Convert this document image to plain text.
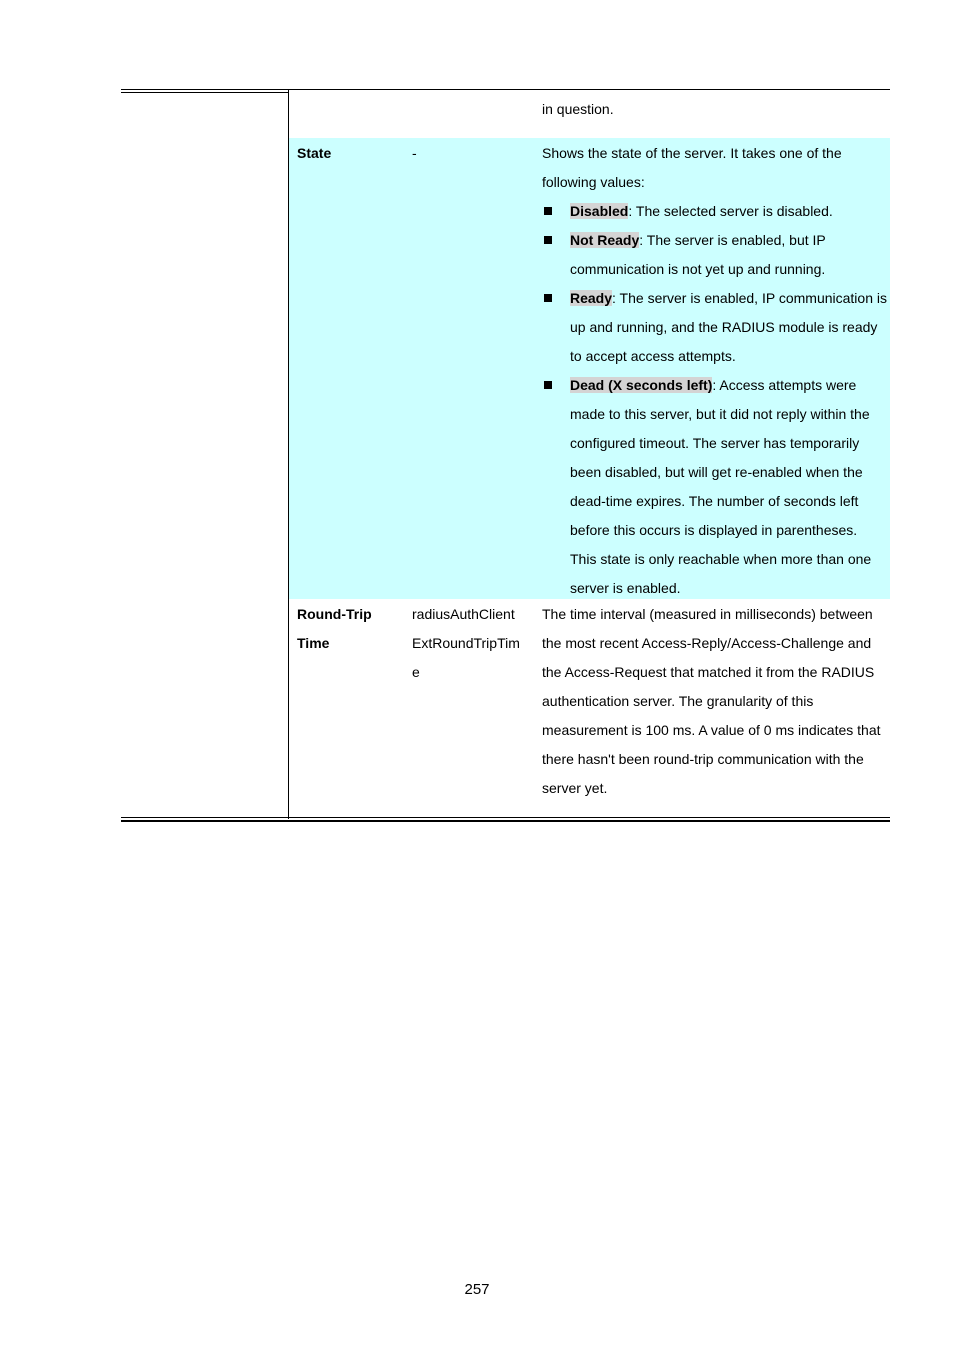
in question.
State	-	Shows the state of the server. It takes one of the following values:
Disabled: The selected server is disabled.
Not Ready: The server is enabled, but IP communication is not yet up and running.
Ready: The server is enabled, IP communication is up and running, and the RADIUS module is ready to accept access attempts.
Dead (X seconds left): Access attempts were made to this server, but it did not reply within the configured timeout. The server has temporarily been disabled, but will get re-enabled when the dead-time expires. The number of seconds left before this occurs is displayed in parentheses. This state is only reachable when more than one server is enabled.
Round-Trip
Time
radiusAuthClient
ExtRoundTripTim
e
The time interval (measured in milliseconds) between the most recent Access-Reply/Access-Challenge and the Access-Request that matched it from the RADIUS authentication server. The granularity of this measurement is 100 ms. A value of 0 ms indicates that there hasn't been round-trip communication with the server yet.
257
